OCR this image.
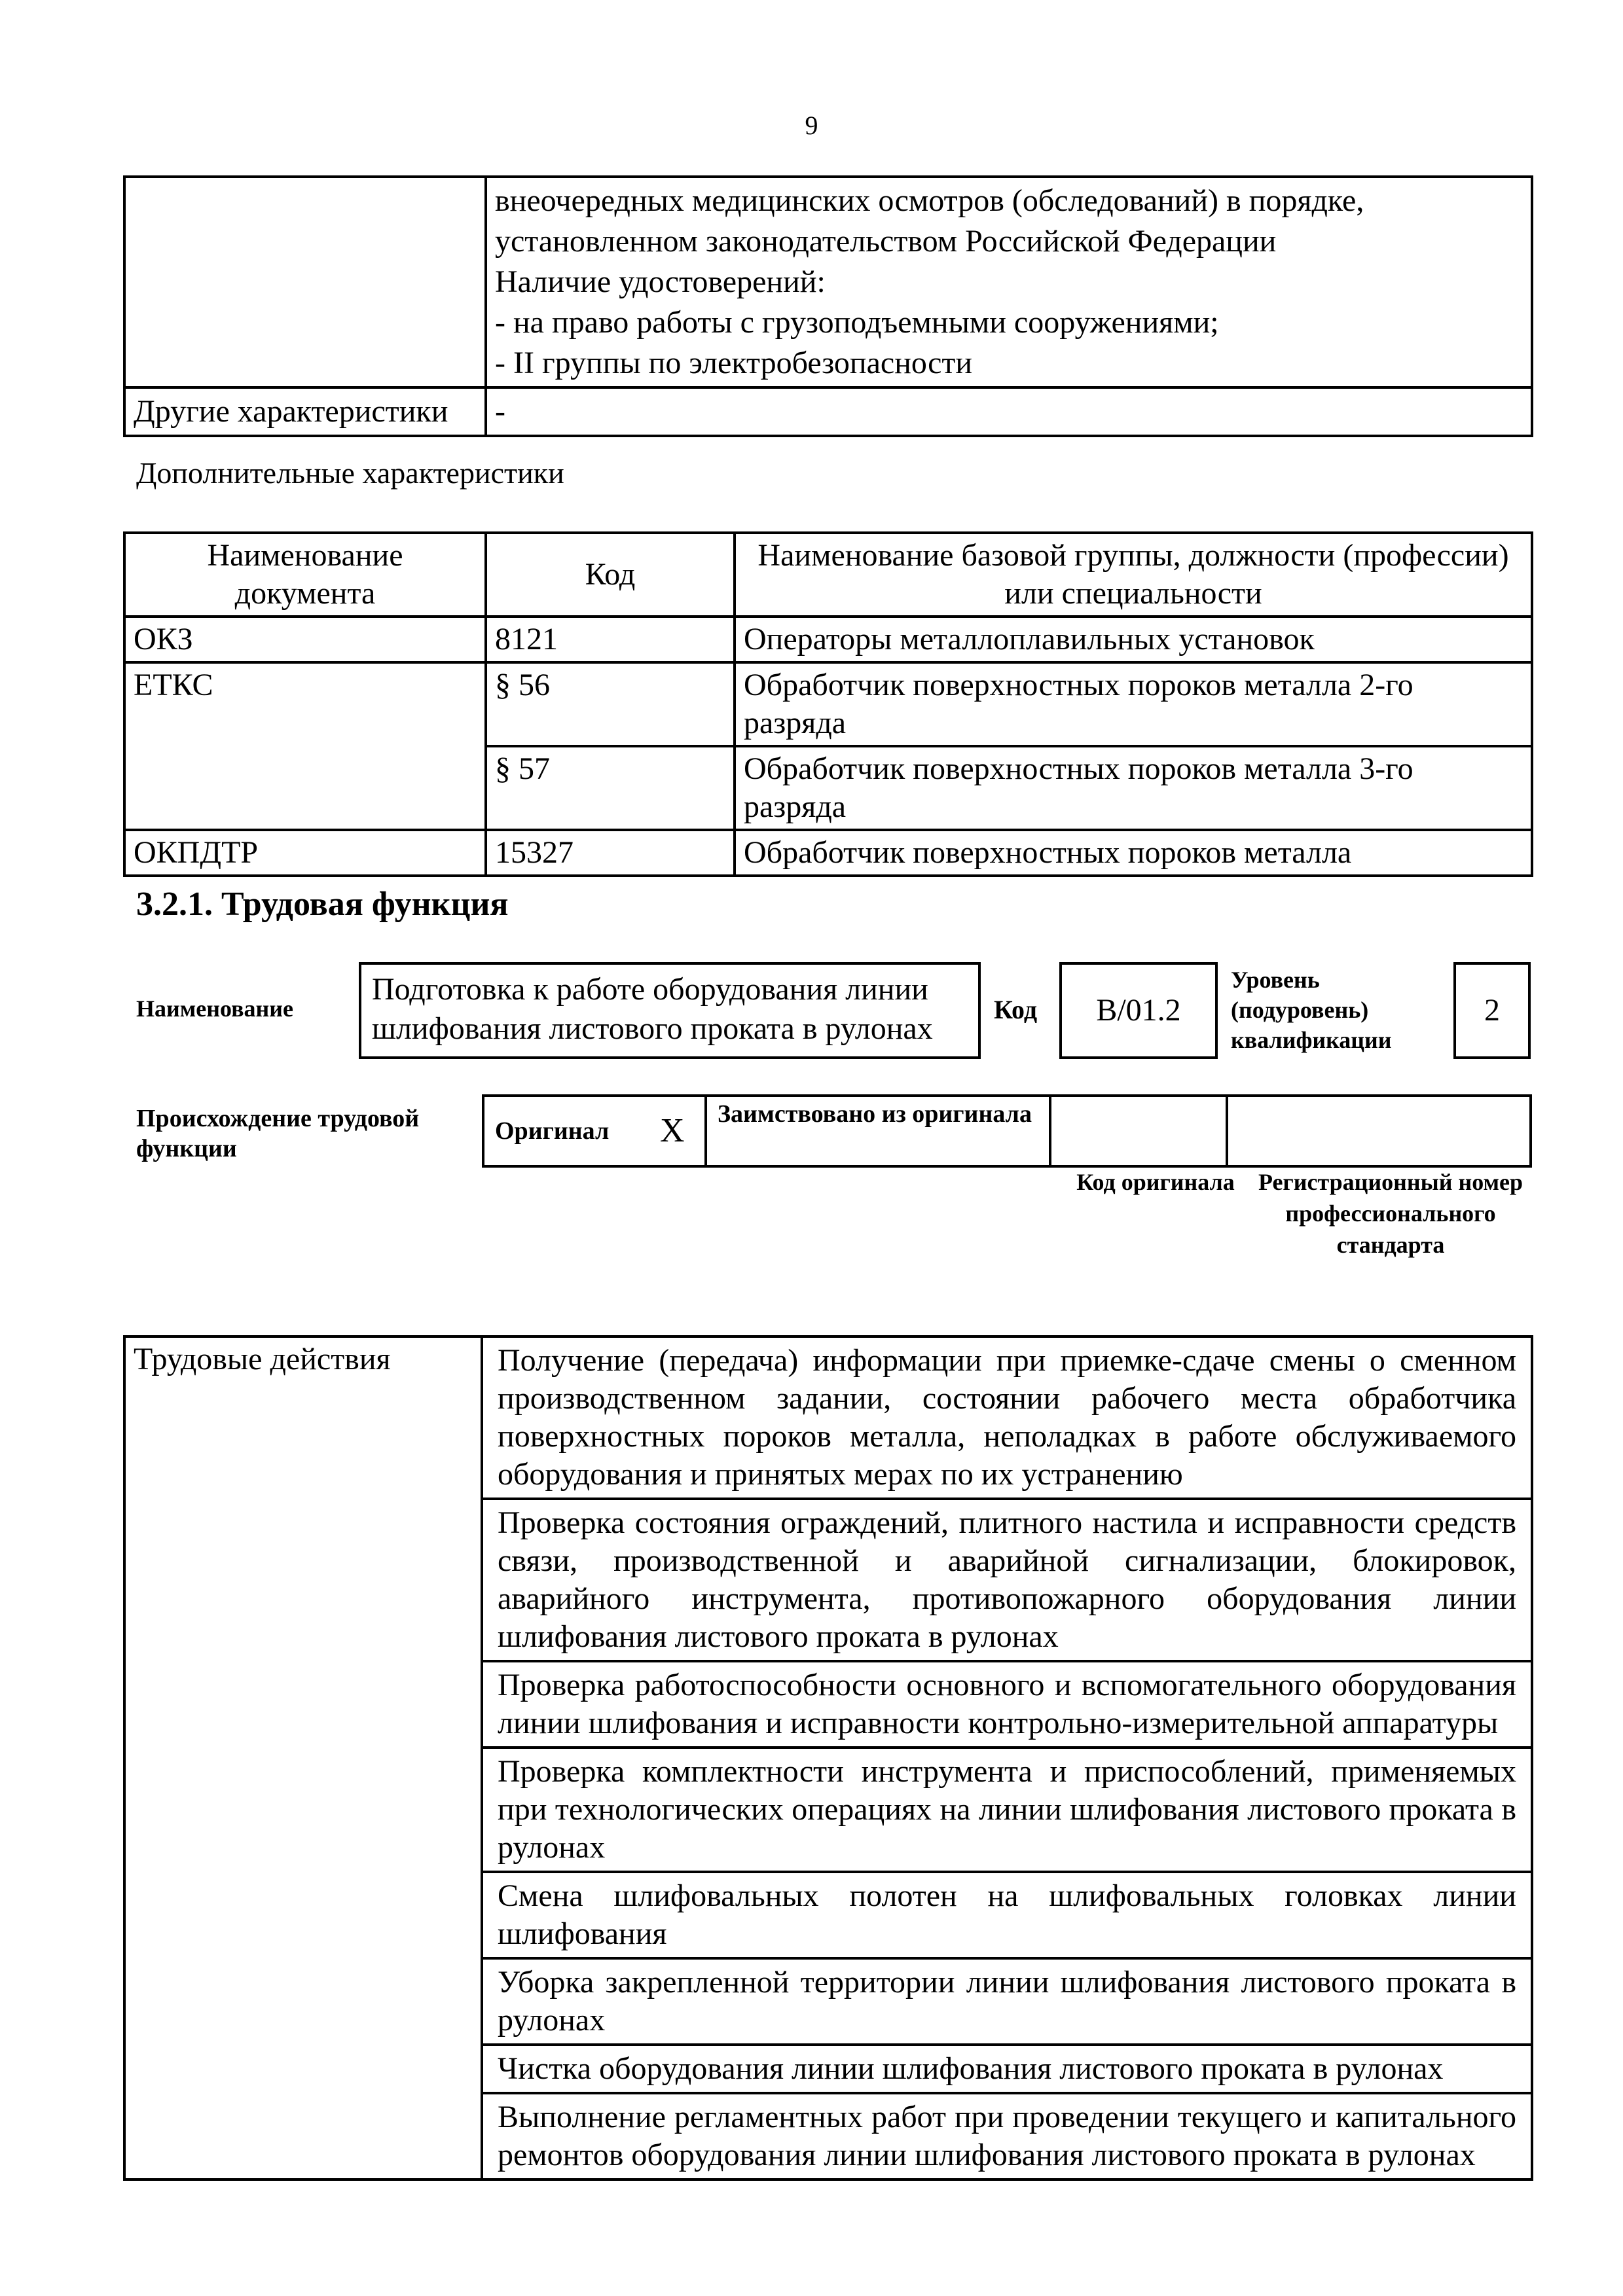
9

	внеочередных медицинских осмотров (обследований) в порядке,
установленном законодательством Российской Федерации
Наличие удостоверений:
- на право работы с грузоподъемными сооружениями;
- II группы по электробезопасности

Другие характеристики	-
Дополнительные характеристики
Наименование документа	Код	Наименование базовой группы, должности (профессии) или специальности
ОКЗ	8121	Операторы металлоплавильных установок
ЕТКС	§ 56	Обработчик поверхностных пороков металла 2-го разряда
	§ 57	Обработчик поверхностных пороков металла 3-го разряда
ОКПДТР	15327	Обработчик поверхностных пороков металла
3.2.1. Трудовая функция
Наименование
Подготовка к работе оборудования линии шлифования листового проката в рулонах
Код	В/01.2
Уровень (подуровень) квалификации
2
Происхождение трудовой функции
Оригинал	X	Заимствовано из оригинала		
Код оригинала	Регистрационный номер профессионального стандарта
Трудовые действия	Получение (передача) информации при приемке-сдаче смены о сменном производственном задании, состоянии рабочего места обработчика поверхностных пороков металла, неполадках в работе обслуживаемого оборудования и принятых мерах по их устранению
Проверка состояния ограждений, плитного настила и исправности средств связи, производственной и аварийной сигнализации, блокировок, аварийного инструмента, противопожарного оборудования линии шлифования листового проката в рулонах
Проверка работоспособности основного и вспомогательного оборудования линии шлифования и исправности контрольно-измерительной аппаратуры
Проверка комплектности инструмента и приспособлений, применяемых при технологических операциях на линии шлифования листового проката в рулонах
Смена шлифовальных полотен на шлифовальных головках линии шлифования
Уборка закрепленной территории линии шлифования листового проката в рулонах
Чистка оборудования линии шлифования листового проката в рулонах
Выполнение регламентных работ при проведении текущего и капитального ремонтов оборудования линии шлифования листового проката в рулонах
